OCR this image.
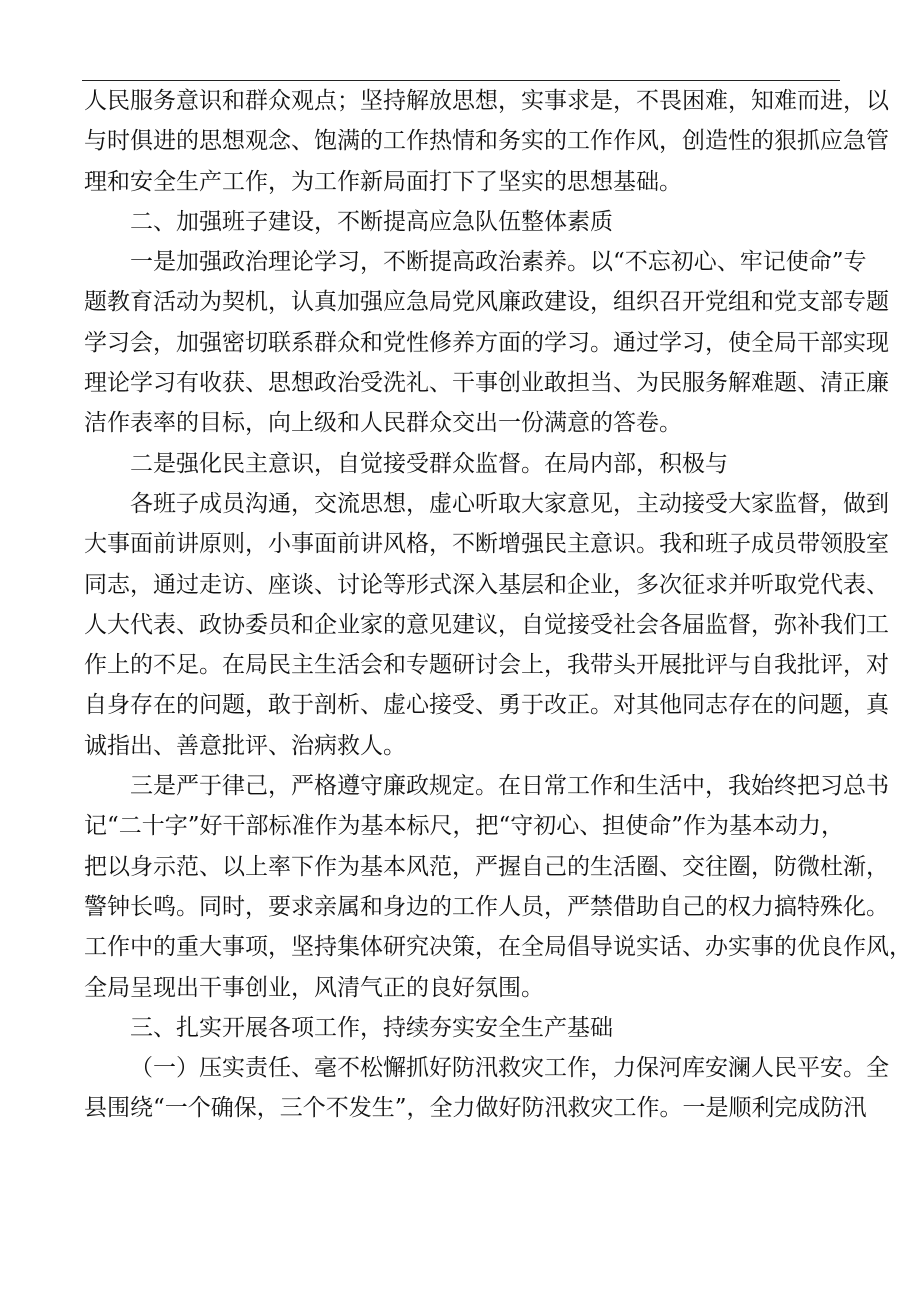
人民服务意识和群众观点；坚持解放思想，实事求是，不畏困难，知难而进，以
与时俱进的思想观念、饱满的工作热情和务实的工作作风，创造性的狠抓应急管
理和安全生产工作，为工作新局面打下了坚实的思想基础。
二、加强班子建设，不断提高应急队伍整体素质
一是加强政治理论学习，不断提高政治素养。以“不忘初心、牢记使命”专
题教育活动为契机，认真加强应急局党风廉政建设，组织召开党组和党支部专题
学习会，加强密切联系群众和党性修养方面的学习。通过学习，使全局干部实现
理论学习有收获、思想政治受洗礼、干事创业敢担当、为民服务解难题、清正廉
洁作表率的目标，向上级和人民群众交出一份满意的答卷。
二是强化民主意识，自觉接受群众监督。在局内部，积极与
各班子成员沟通，交流思想，虚心听取大家意见，主动接受大家监督，做到
大事面前讲原则，小事面前讲风格，不断增强民主意识。我和班子成员带领股室
同志，通过走访、座谈、讨论等形式深入基层和企业，多次征求并听取党代表、
人大代表、政协委员和企业家的意见建议，自觉接受社会各届监督，弥补我们工
作上的不足。在局民主生活会和专题研讨会上，我带头开展批评与自我批评，对
自身存在的问题，敢于剖析、虚心接受、勇于改正。对其他同志存在的问题，真
诚指出、善意批评、治病救人。
三是严于律己，严格遵守廉政规定。在日常工作和生活中，我始终把习总书
记“二十字”好干部标准作为基本标尺，把“守初心、担使命”作为基本动力，
把以身示范、以上率下作为基本风范，严握自己的生活圈、交往圈，防微杜渐，
警钟长鸣。同时，要求亲属和身边的工作人员，严禁借助自己的权力搞特殊化。
工作中的重大事项，坚持集体研究决策，在全局倡导说实话、办实事的优良作风，
全局呈现出干事创业，风清气正的良好氛围。
三、扎实开展各项工作，持续夯实安全生产基础
（一）压实责任、毫不松懈抓好防汛救灾工作，力保河库安澜人民平安。全
县围绕“一个确保，三个不发生”，全力做好防汛救灾工作。一是顺利完成防汛
